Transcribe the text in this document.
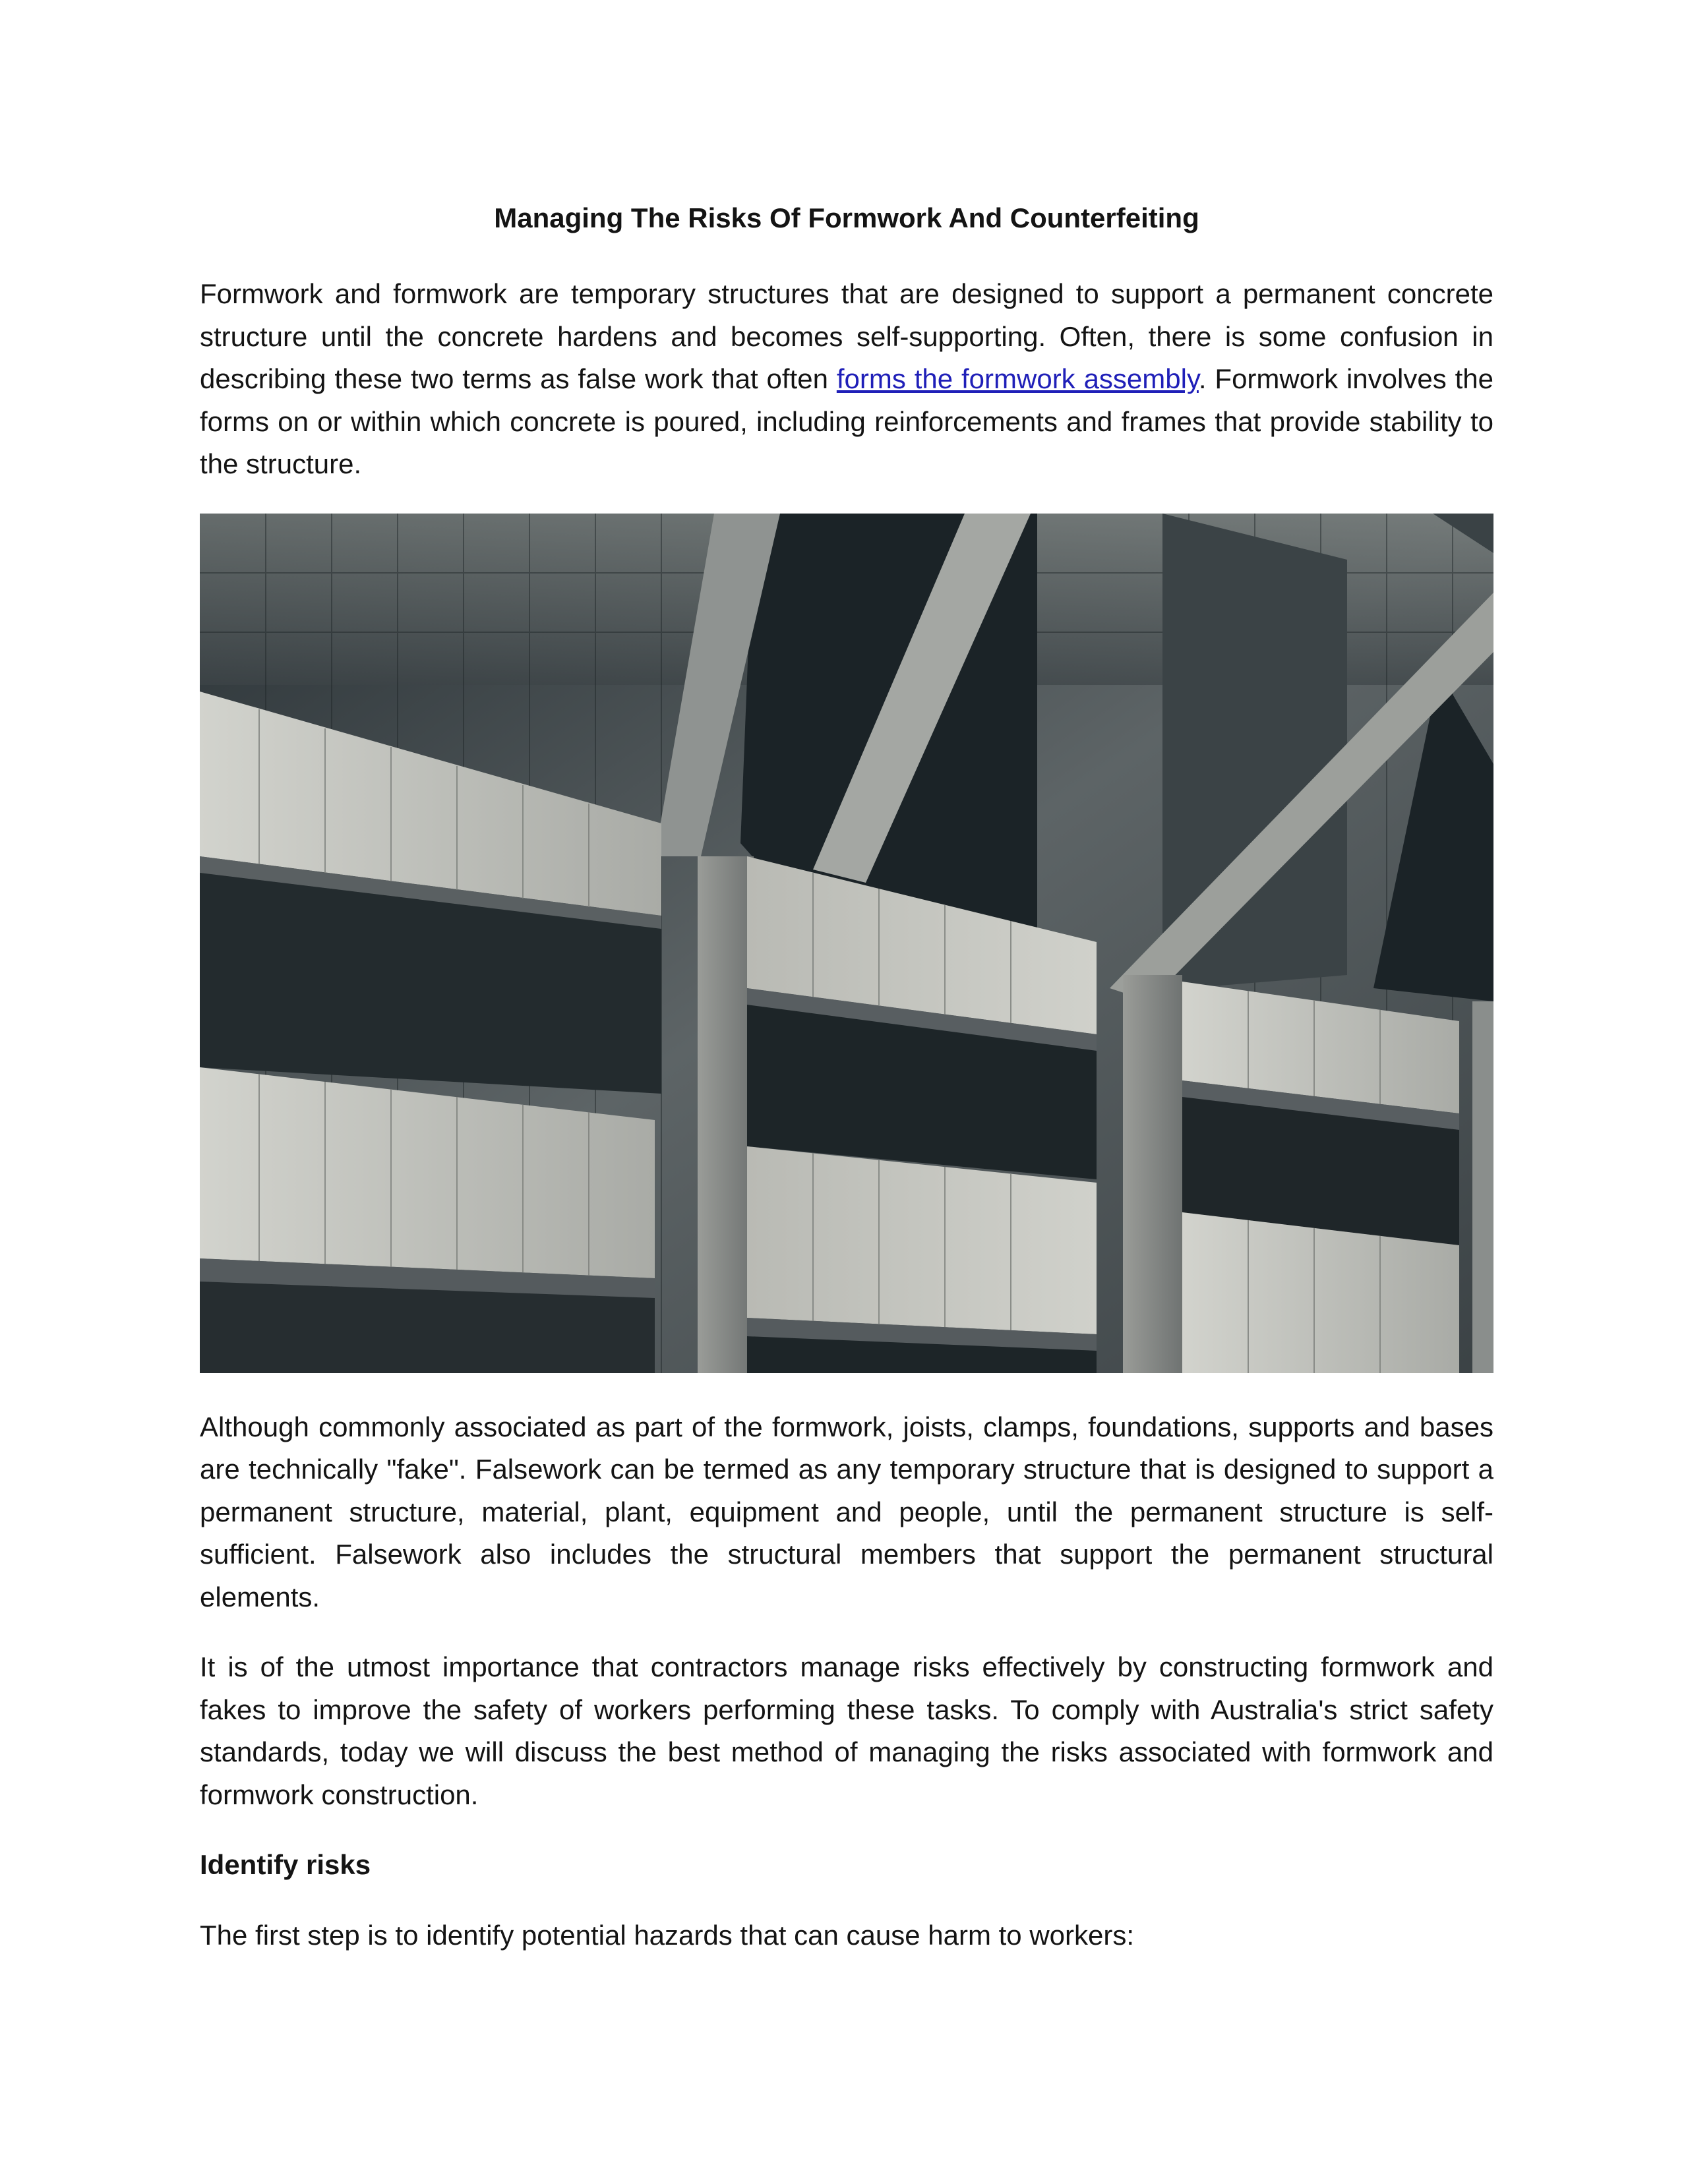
Managing The Risks Of Formwork And Counterfeiting

Formwork and formwork are temporary structures that are designed to support a permanent concrete structure until the concrete hardens and becomes self-supporting. Often, there is some confusion in describing these two terms as false work that often forms the formwork assembly. Formwork involves the forms on or within which concrete is poured, including reinforcements and frames that provide stability to the structure.

Although commonly associated as part of the formwork, joists, clamps, foundations, supports and bases are technically "fake". Falsework can be termed as any temporary structure that is designed to support a permanent structure, material, plant, equipment and people, until the permanent structure is self-sufficient. Falsework also includes the structural members that support the permanent structural elements.

It is of the utmost importance that contractors manage risks effectively by constructing formwork and fakes to improve the safety of workers performing these tasks. To comply with Australia's strict safety standards, today we will discuss the best method of managing the risks associated with formwork and formwork construction.

Identify risks

The first step is to identify potential hazards that can cause harm to workers:
